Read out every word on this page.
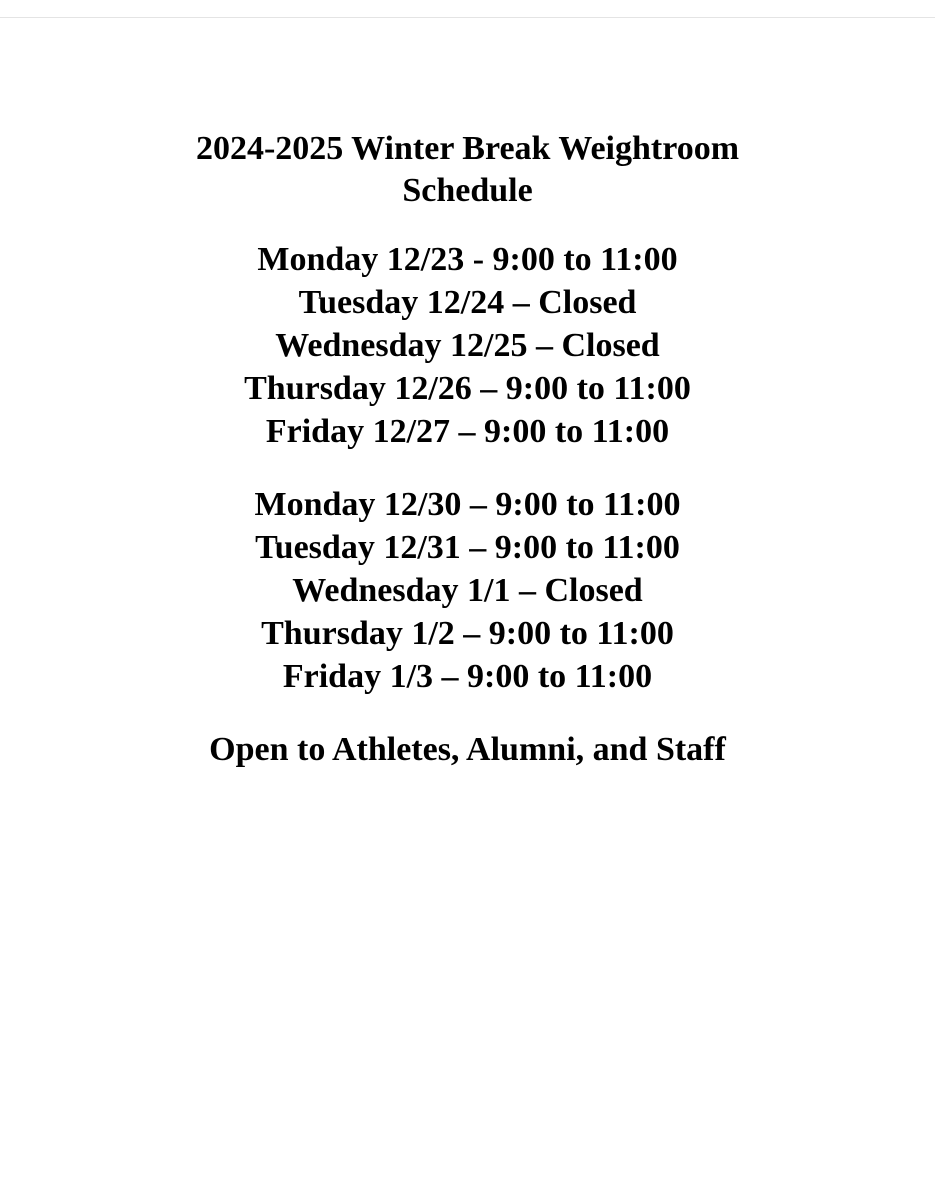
2024-2025 Winter Break Weightroom
Schedule
Monday 12/23 - 9:00 to 11:00
Tuesday 12/24 – Closed
Wednesday 12/25 – Closed
Thursday 12/26 – 9:00 to 11:00
Friday 12/27 – 9:00 to 11:00
Monday 12/30 – 9:00 to 11:00
Tuesday 12/31 – 9:00 to 11:00
Wednesday 1/1 – Closed
Thursday 1/2 – 9:00 to 11:00
Friday 1/3 – 9:00 to 11:00
Open to Athletes, Alumni, and Staff
